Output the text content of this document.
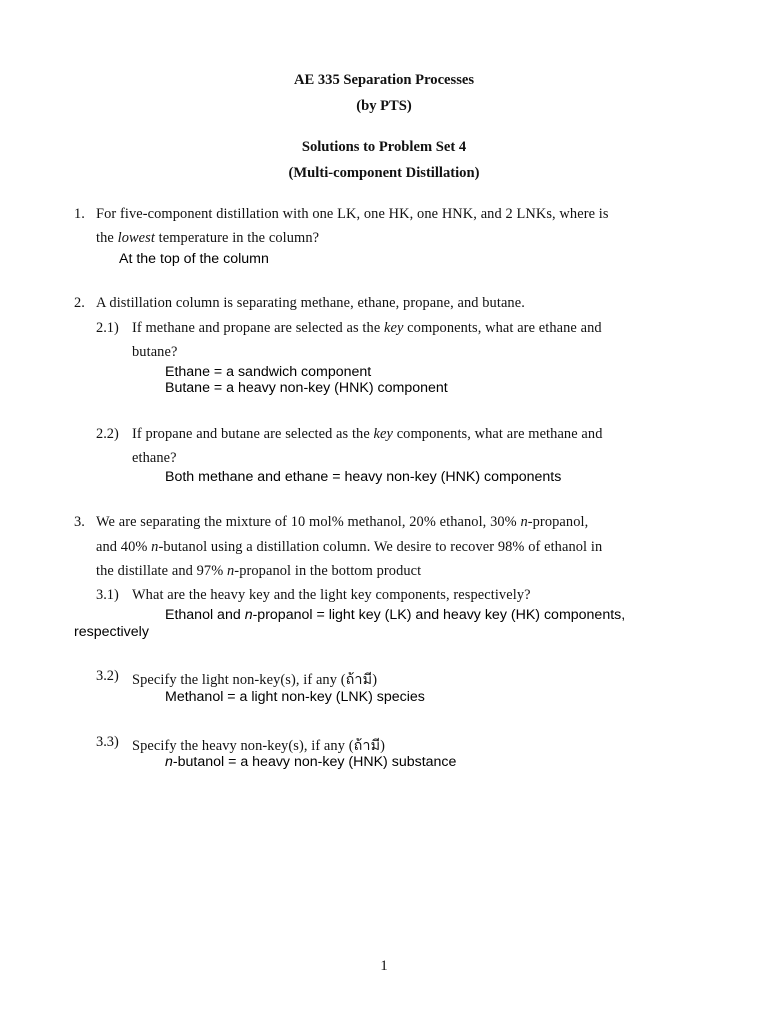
AE 335 Separation Processes
(by PTS)
Solutions to Problem Set 4
(Multi-component Distillation)
1. For five-component distillation with one LK, one HK, one HNK, and 2 LNKs, where is
the lowest temperature in the column?
At the top of the column
2. A distillation column is separating methane, ethane, propane, and butane.
2.1) If methane and propane are selected as the key components, what are ethane and
butane?
Ethane = a sandwich component
Butane = a heavy non-key (HNK) component
2.2) If propane and butane are selected as the key components, what are methane and
ethane?
Both methane and ethane = heavy non-key (HNK) components
3. We are separating the mixture of 10 mol% methanol, 20% ethanol, 30% n-propanol,
and 40% n-butanol using a distillation column. We desire to recover 98% of ethanol in
the distillate and 97% n-propanol in the bottom product
3.1) What are the heavy key and the light key components, respectively?
Ethanol and n-propanol = light key (LK) and heavy key (HK) components,
respectively
3.2) Specify the light non-key(s), if any (ถ้ามี)
Methanol = a light non-key (LNK) species
3.3) Specify the heavy non-key(s), if any (ถ้ามี)
n-butanol = a heavy non-key (HNK) substance
1
